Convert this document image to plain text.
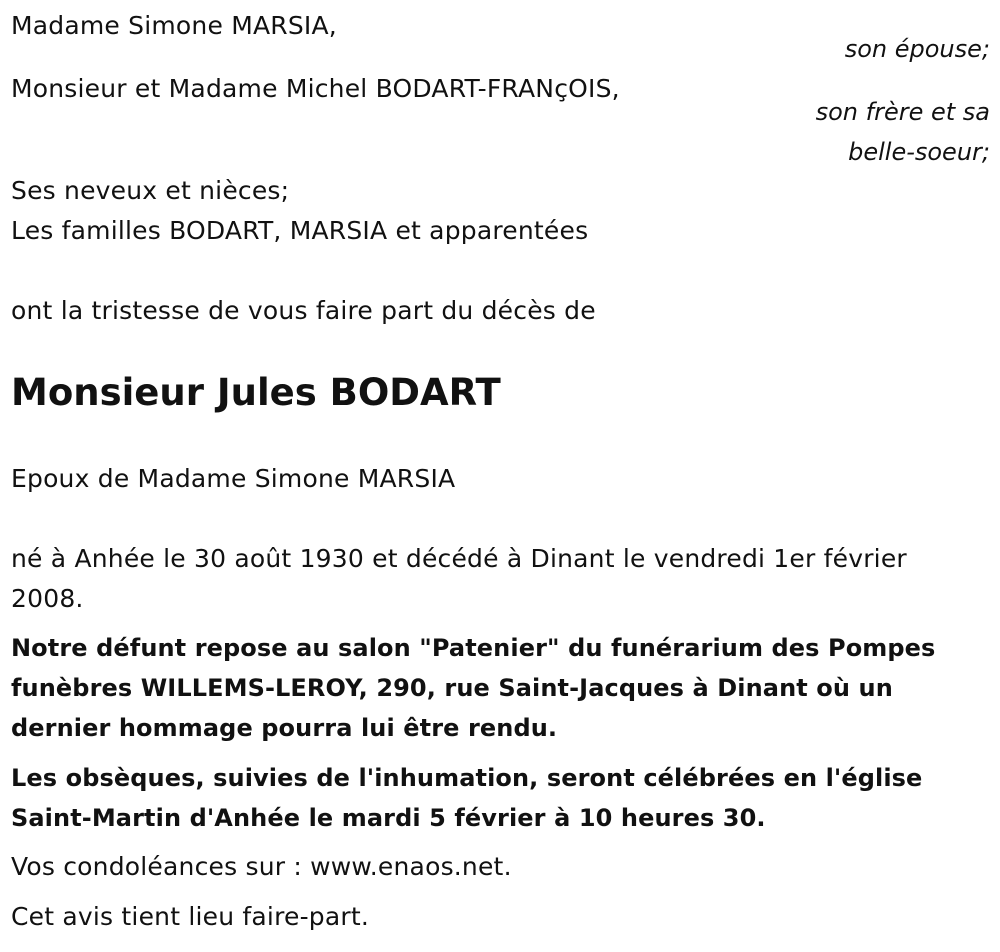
Madame Simone MARSIA,
son épouse;
Monsieur et Madame Michel BODART-FRANçOIS,
son frère et sa
belle-soeur;
Ses neveux et nièces;
Les familles BODART, MARSIA et apparentées
ont la tristesse de vous faire part du décès de
Monsieur Jules BODART
Epoux de Madame Simone MARSIA
né à Anhée le 30 août 1930 et décédé à Dinant le vendredi 1er février 2008.
Notre défunt repose au salon "Patenier" du funérarium des Pompes funèbres WILLEMS-LEROY, 290, rue Saint-Jacques à Dinant où un dernier hommage pourra lui être rendu.
Les obsèques, suivies de l'inhumation, seront célébrées en l'église Saint-Martin d'Anhée le mardi 5 février à 10 heures 30.
Vos condoléances sur : www.enaos.net.
Cet avis tient lieu faire-part.
